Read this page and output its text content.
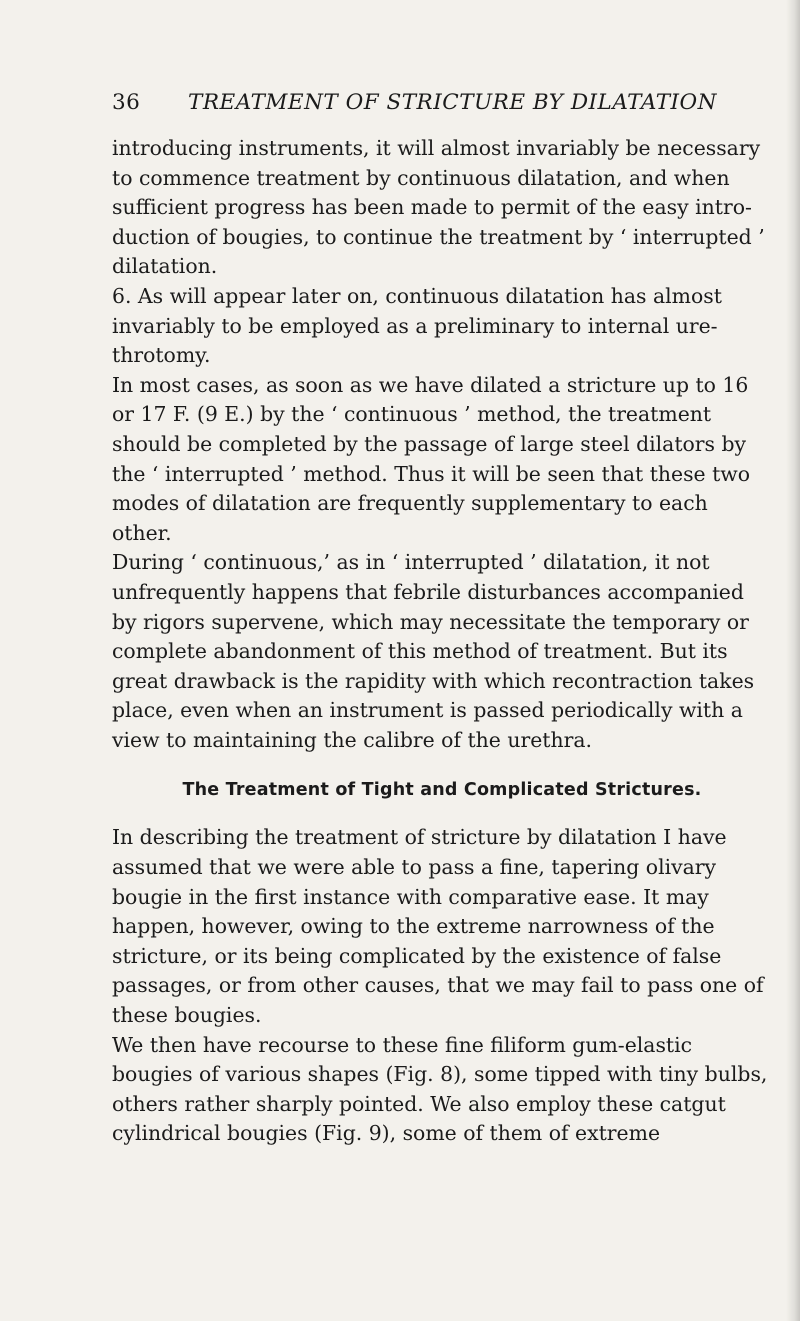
36 TREATMENT OF STRICTURE BY DILATATION

introducing instruments, it will almost invariably be necessary to commence treatment by continuous dilatation, and when sufficient progress has been made to permit of the easy introduction of bougies, to continue the treatment by ‘ interrupted ’ dilatation.

6. As will appear later on, continuous dilatation has almost invariably to be employed as a preliminary to internal urethrotomy.

In most cases, as soon as we have dilated a stricture up to 16 or 17 F. (9 E.) by the ‘ continuous ’ method, the treatment should be completed by the passage of large steel dilators by the ‘ interrupted ’ method. Thus it will be seen that these two modes of dilatation are frequently supplementary to each other.

During ‘ continuous,’ as in ‘ interrupted ’ dilatation, it not unfrequently happens that febrile disturbances accompanied by rigors supervene, which may necessitate the temporary or complete abandonment of this method of treatment. But its great drawback is the rapidity with which recontraction takes place, even when an instrument is passed periodically with a view to maintaining the calibre of the urethra.

The Treatment of Tight and Complicated Strictures.

In describing the treatment of stricture by dilatation I have assumed that we were able to pass a fine, tapering olivary bougie in the first instance with comparative ease. It may happen, however, owing to the extreme narrowness of the stricture, or its being complicated by the existence of false passages, or from other causes, that we may fail to pass one of these bougies.

We then have recourse to these fine filiform gum-elastic bougies of various shapes (Fig. 8), some tipped with tiny bulbs, others rather sharply pointed. We also employ these catgut cylindrical bougies (Fig. 9), some of them of extreme
